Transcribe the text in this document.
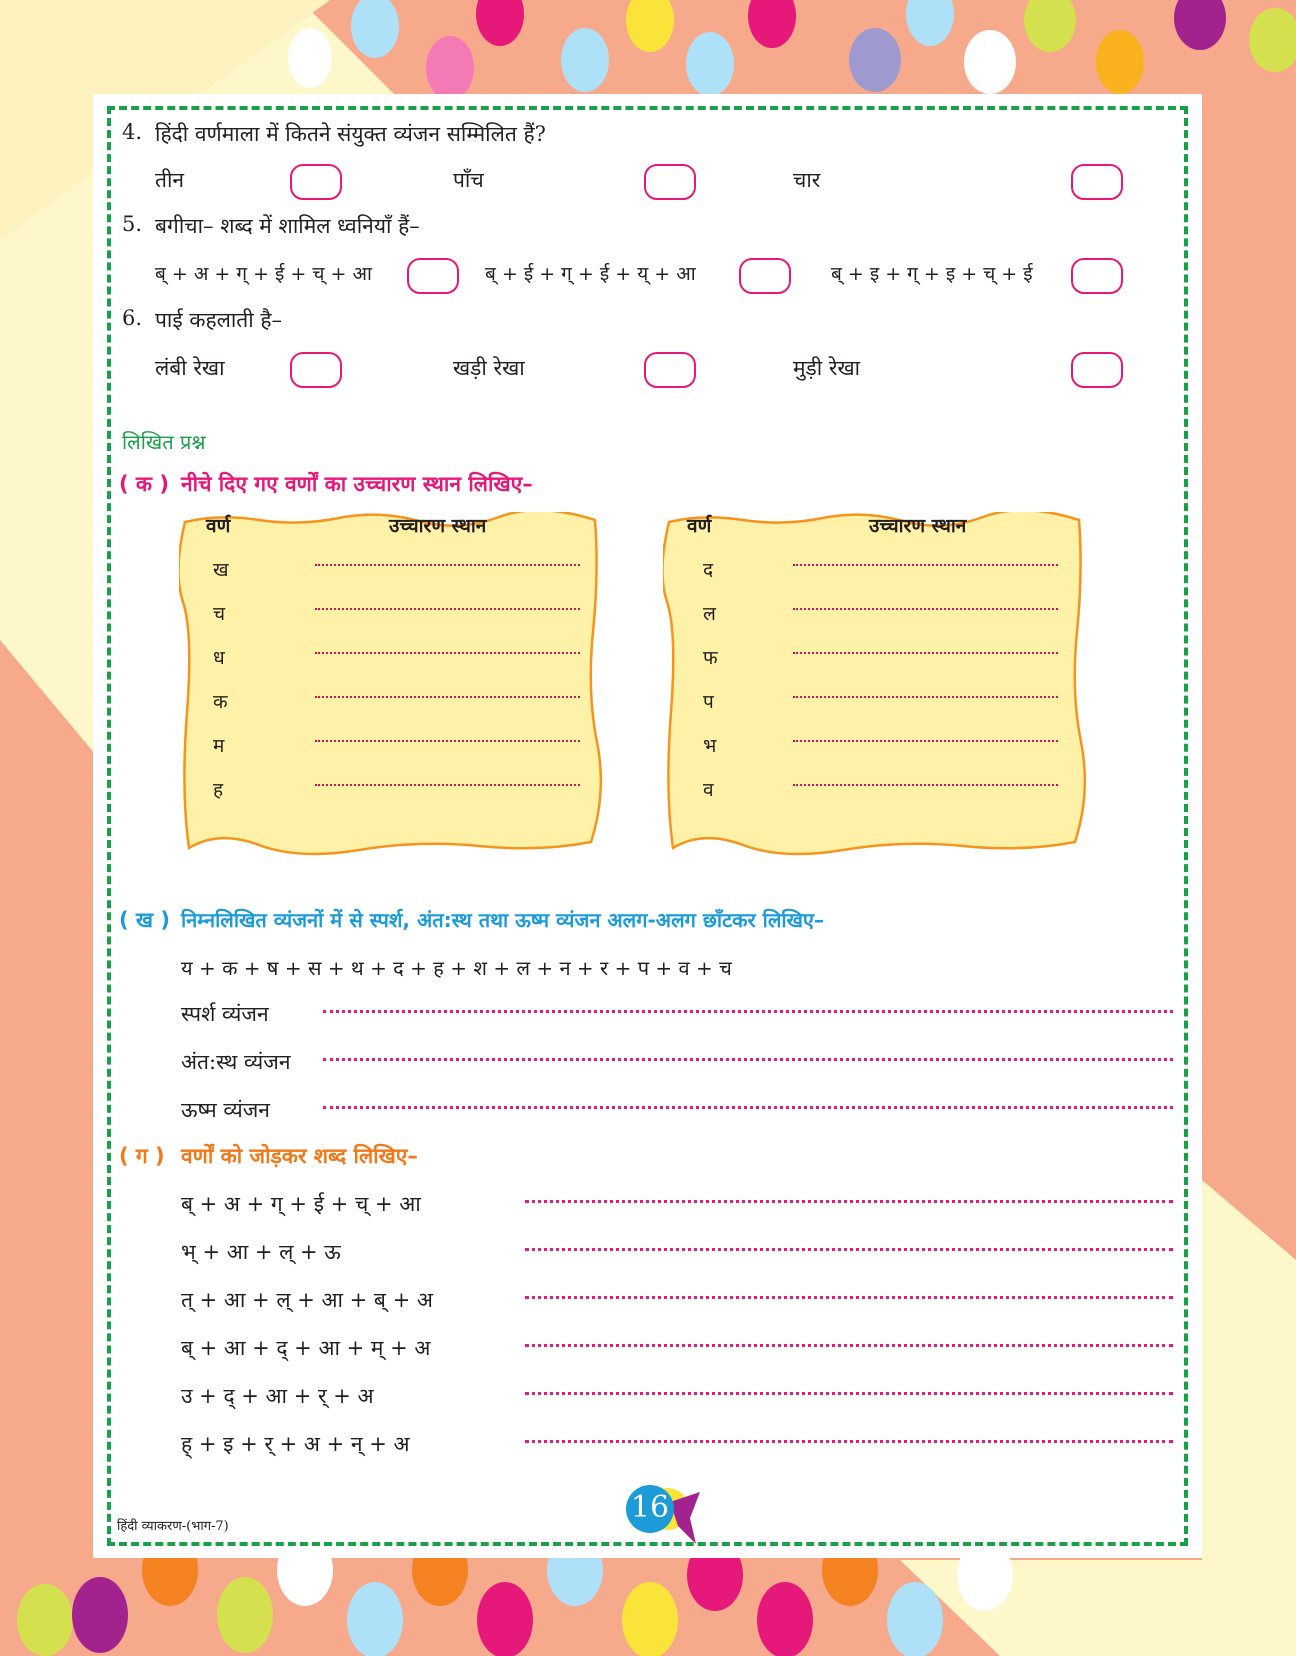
4. हिंदी वर्णमाला में कितने संयुक्त व्यंजन सम्मिलित हैं?
तीन	पाँच	चार
5. बगीचा– शब्द में शामिल ध्वनियाँ हैं–
ब् + अ + ग् + ई + च् + आ	ब् + ई + ग् + ई + य् + आ	ब् + इ + ग् + इ + च् + ई
6. पाई कहलाती है–
लंबी रेखा	खड़ी रेखा	मुड़ी रेखा
लिखित प्रश्न
( क ) नीचे दिए गए वर्णों का उच्चारण स्थान लिखिए–
वर्ण	उच्चारण स्थान
ख
च
ध
क
म
ह
वर्ण	उच्चारण स्थान
द
ल
फ
प
भ
व
( ख ) निम्नलिखित व्यंजनों में से स्पर्श, अंत:स्थ तथा ऊष्म व्यंजन अलग-अलग छाँटकर लिखिए–
य + क + ष + स + थ + द + ह + श + ल + न + र + प + व + च
स्पर्श व्यंजन
अंत:स्थ व्यंजन
ऊष्म व्यंजन
( ग ) वर्णों को जोड़कर शब्द लिखिए–
ब् + अ + ग् + ई + च् + आ
भ् + आ + ल् + ऊ
त् + आ + ल् + आ + ब् + अ
ब् + आ + द् + आ + म् + अ
उ + द् + आ + र् + अ
ह् + इ + र् + अ + न् + अ
16
हिंदी व्याकरण-(भाग-7)
